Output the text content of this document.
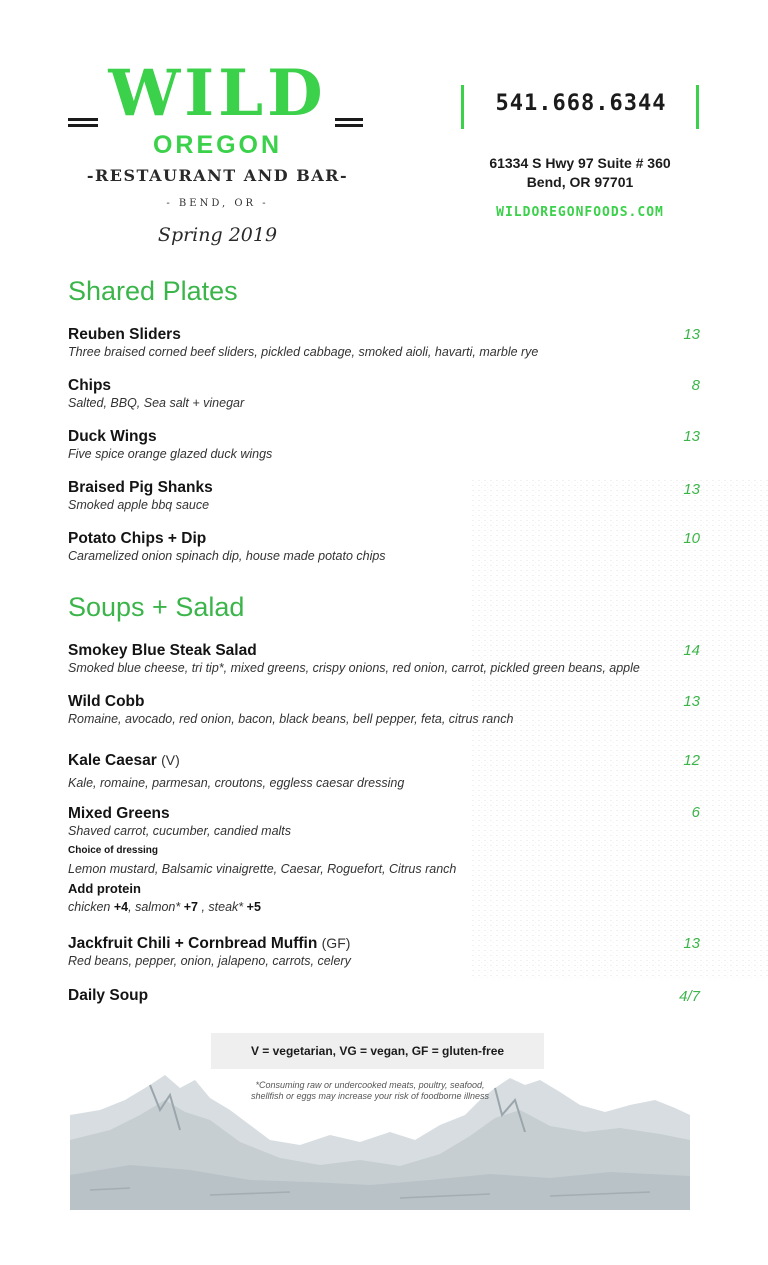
WILD
OREGON
-RESTAURANT AND BAR-
- BEND, OR -
Spring 2019
541.668.6344
61334 S Hwy 97 Suite # 360
Bend, OR 97701
WILDOREGONFOODS.COM
Shared Plates
Reuben Sliders
Three braised corned beef sliders, pickled cabbage, smoked aioli, havarti, marble rye
13
Chips
Salted, BBQ, Sea salt + vinegar
8
Duck Wings
Five spice orange glazed duck wings
13
Braised Pig Shanks
Smoked apple bbq sauce
13
Potato Chips + Dip
Caramelized onion spinach dip, house made potato chips
10
Soups + Salad
Smokey Blue Steak Salad
Smoked blue cheese, tri tip*, mixed greens, crispy onions, red onion, carrot, pickled green beans, apple
14
Wild Cobb
Romaine, avocado, red onion, bacon, black beans, bell pepper, feta, citrus ranch
13
Kale Caesar (V)
Kale, romaine, parmesan, croutons, eggless caesar dressing
12
Mixed Greens
Shaved carrot, cucumber, candied malts
Choice of dressing
Lemon mustard, Balsamic vinaigrette, Caesar, Roguefort, Citrus ranch
Add protein
chicken +4, salmon* +7 , steak* +5
6
Jackfruit Chili + Cornbread Muffin (GF)
Red beans, pepper, onion, jalapeno, carrots, celery
13
Daily Soup	4/7
V = vegetarian, VG = vegan, GF = gluten-free
*Consuming raw or undercooked meats, poultry, seafood,
shellfish or eggs may increase your risk of foodborne illness
